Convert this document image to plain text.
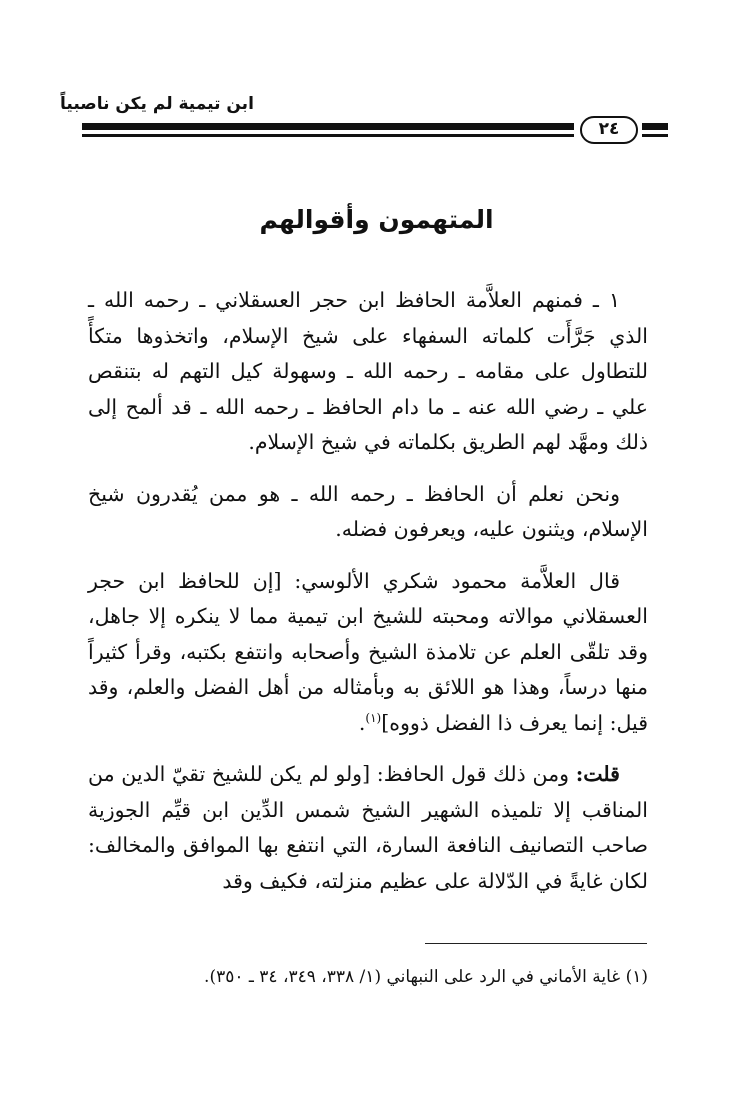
ابن تيمية لم يكن ناصبياً
٢٤
المتهمون وأقوالهم

١ ـ فمنهم العلاَّمة الحافظ ابن حجر العسقلاني ـ رحمه الله ـ الذي جَرَّأَت كلماته السفهاء على شيخ الإسلام، واتخذوها متكأً للتطاول على مقامه ـ رحمه الله ـ وسهولة كيل التهم له بتنقص علي ـ رضي الله عنه ـ ما دام الحافظ ـ رحمه الله ـ قد ألمح إلى ذلك ومهَّد لهم الطريق بكلماته في شيخ الإسلام.

ونحن نعلم أن الحافظ ـ رحمه الله ـ هو ممن يُقدرون شيخ الإسلام، ويثنون عليه، ويعرفون فضله.

قال العلاَّمة محمود شكري الألوسي: [إن للحافظ ابن حجر العسقلاني موالاته ومحبته للشيخ ابن تيمية مما لا ينكره إلا جاهل، وقد تلقّى العلم عن تلامذة الشيخ وأصحابه وانتفع بكتبه، وقرأ كثيراً منها درساً، وهذا هو اللائق به وبأمثاله من أهل الفضل والعلم، وقد قيل: إنما يعرف ذا الفضل ذووه]$^{(١)}$.

قلت: ومن ذلك قول الحافظ: [ولو لم يكن للشيخ تقيّ الدين من المناقب إلا تلميذه الشهير الشيخ شمس الدِّين ابن قيِّم الجوزية صاحب التصانيف النافعة السارة، التي انتفع بها الموافق والمخالف: لكان غايةً في الدّلالة على عظيم منزلته، فكيف وقد

(١) غاية الأماني في الرد على النبهاني (١/ ٣٣٨، ٣٤٩، ٣٤ ـ ٣٥٠).
